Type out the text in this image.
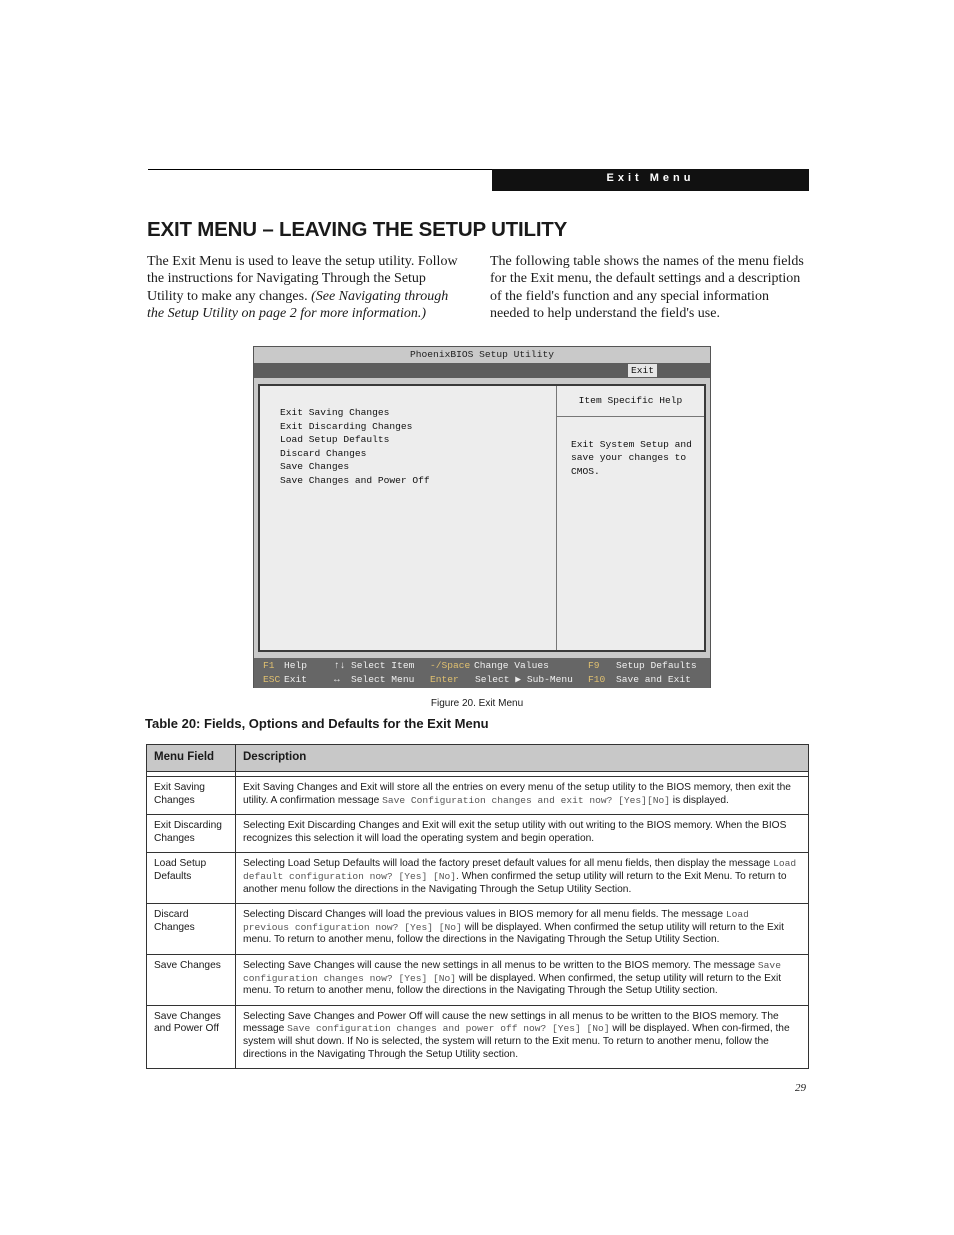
Exit Menu
EXIT MENU – LEAVING THE SETUP UTILITY

The Exit Menu is used to leave the setup utility. Follow the instructions for Navigating Through the Setup Utility to make any changes. (See Navigating through the Setup Utility on page 2 for more information.)

The following table shows the names of the menu fields for the Exit menu, the default settings and a description of the field's function and any special information needed to help understand the field's use.

PhoenixBIOS Setup Utility
Exit
Exit Saving Changes
Exit Discarding Changes
Load Setup Defaults
Discard Changes
Save Changes
Save Changes and Power Off
Item Specific Help
Exit System Setup and
save your changes to
CMOS.
F1 Help
ESC Exit
↑↓ Select Item
↔ Select Menu
-/Space Change Values
Enter Select ▶ Sub-Menu
F9 Setup Defaults
F10 Save and Exit
Figure 20. Exit Menu
Table 20: Fields, Options and Defaults for the Exit Menu
Menu Field	Description
Exit Saving Changes
Exit Saving Changes and Exit will store all the entries on every menu of the setup utility to the BIOS memory, then exit the utility. A confirmation message Save Configuration changes and exit now? [Yes][No] is displayed.
Exit Discarding Changes
Selecting Exit Discarding Changes and Exit will exit the setup utility with out writing to the BIOS memory. When the BIOS recognizes this selection it will load the operating system and begin operation.
Load Setup Defaults
Selecting Load Setup Defaults will load the factory preset default values for all menu fields, then display the message Load default configuration now? [Yes] [No]. When confirmed the setup utility will return to the Exit Menu. To return to another menu follow the directions in the Navigating Through the Setup Utility Section.
Discard Changes
Selecting Discard Changes will load the previous values in BIOS memory for all menu fields. The message Load previous configuration now? [Yes] [No] will be displayed. When confirmed the setup utility will return to the Exit menu. To return to another menu, follow the directions in the Navigating Through the Setup Utility Section.
Save Changes	Selecting Save Changes will cause the new settings in all menus to be written to the BIOS memory. The message Save configuration changes now? [Yes] [No] will be displayed. When confirmed, the setup utility will return to the Exit menu. To return to another menu, follow the directions in the Navigating Through the Setup Utility section.
Save Changes and Power Off
Selecting Save Changes and Power Off will cause the new settings in all menus to be written to the BIOS memory. The message Save configuration changes and power off now? [Yes] [No] will be displayed. When con-firmed, the system will shut down. If No is selected, the system will return to the Exit menu. To return to another menu, follow the directions in the Navigating Through the Setup Utility section.
29
